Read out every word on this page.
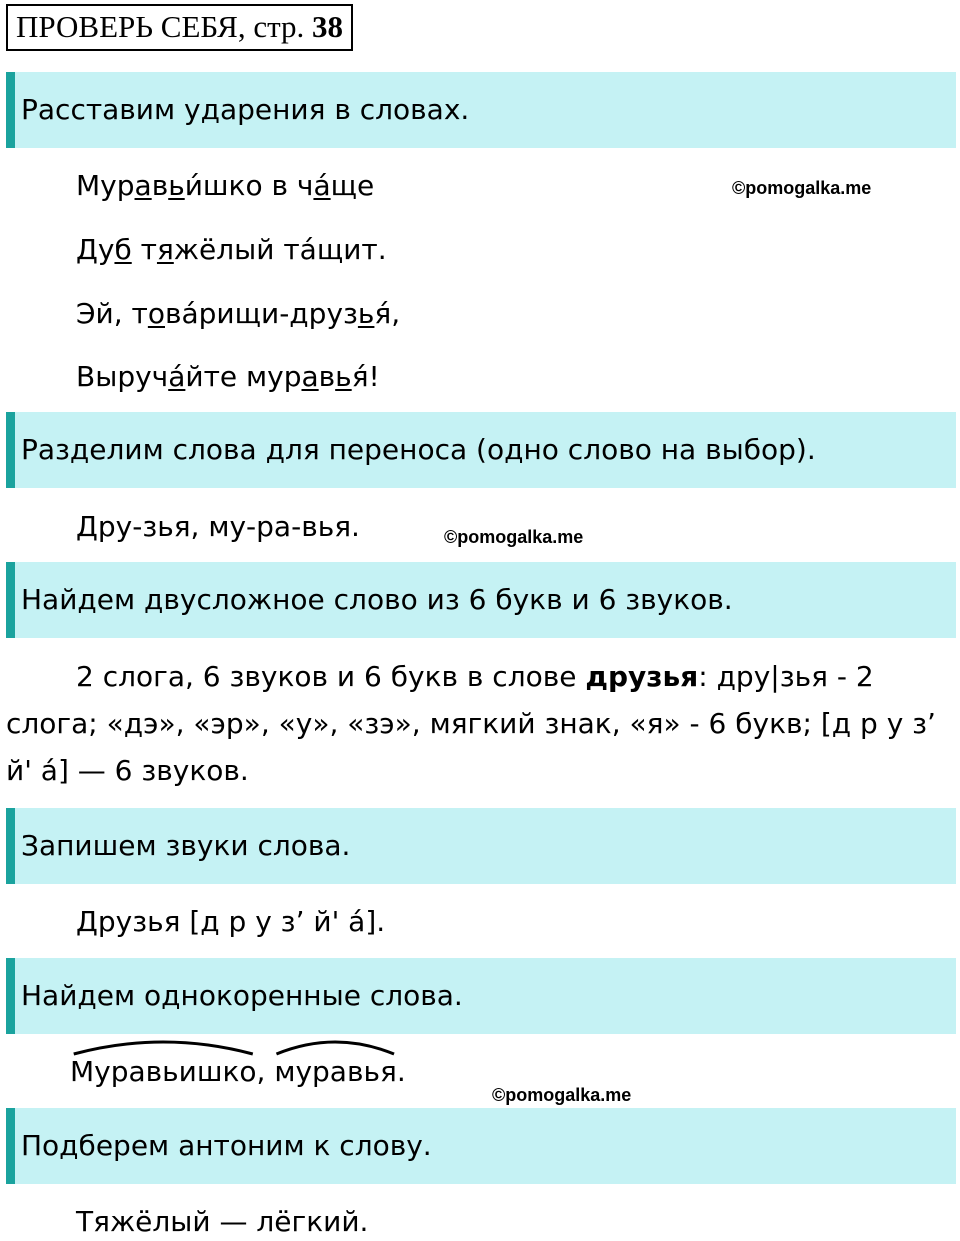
ПРОВЕРЬ СЕБЯ, стр. 38
Расставим ударения в словах.
Муравьи́шко в ча́ще	©pomogalka.me
Дуб тяжёлый та́щит.
Эй, това́рищи-друзья́,
Выруча́йте муравья́!
Разделим слова для переноса (одно слово на выбор).
Дру-зья, му-ра-вья.	©pomogalka.me
Найдем двусложное слово из 6 букв и 6 звуков.
2 слога, 6 звуков и 6 букв в слове друзья: дру|зья - 2 слога; «дэ», «эр», «у», «зэ», мягкий знак, «я» - 6 букв; [д р у з’ й' á] — 6 звуков.
Запишем звуки слова.
Друзья [д р у з’ й' á].
Найдем однокоренные слова.
Муравьишко,
муравья.
©pomogalka.me
Подберем антоним к слову.
Тяжёлый — лёгкий.
